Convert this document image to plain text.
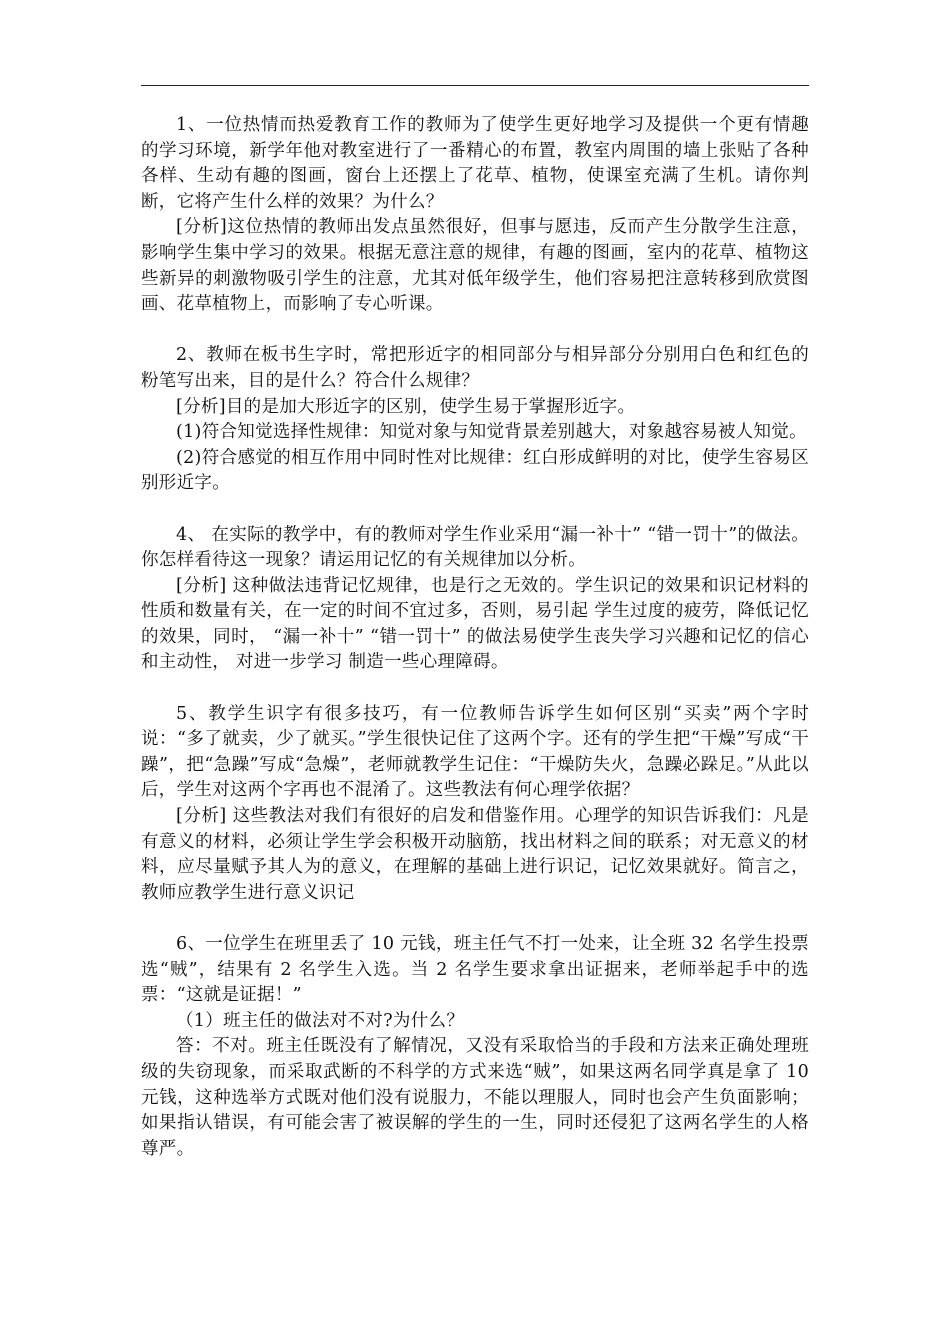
1、一位热情而热爱教育工作的教师为了使学生更好地学习及提供一个更有情趣的学习环境，新学年他对教室进行了一番精心的布置，教室内周围的墙上张贴了各种各样、生动有趣的图画，窗台上还摆上了花草、植物，使课室充满了生机。请你判断，它将产生什么样的效果？为什么？

[分析]这位热情的教师出发点虽然很好，但事与愿违，反而产生分散学生注意，影响学生集中学习的效果。根据无意注意的规律，有趣的图画，室内的花草、植物这些新异的刺激物吸引学生的注意，尤其对低年级学生，他们容易把注意转移到欣赏图画、花草植物上，而影响了专心听课。

2、教师在板书生字时，常把形近字的相同部分与相异部分分别用白色和红色的粉笔写出来，目的是什么？符合什么规律？

[分析]目的是加大形近字的区别，使学生易于掌握形近字。

(1)符合知觉选择性规律：知觉对象与知觉背景差别越大，对象越容易被人知觉。

(2)符合感觉的相互作用中同时性对比规律：红白形成鲜明的对比，使学生容易区别形近字。

4、 在实际的教学中，有的教师对学生作业采用“漏一补十” “错一罚十”的做法。你怎样看待这一现象？请运用记忆的有关规律加以分析。

[分析] 这种做法违背记忆规律，也是行之无效的。学生识记的效果和识记材料的性质和数量有关，在一定的时间不宜过多，否则，易引起 学生过度的疲劳，降低记忆的效果，同时， “漏一补十” “错一罚十” 的做法易使学生丧失学习兴趣和记忆的信心和主动性， 对进一步学习 制造一些心理障碍。

5、教学生识字有很多技巧，有一位教师告诉学生如何区别“买卖”两个字时说：“多了就卖，少了就买。”学生很快记住了这两个字。还有的学生把“干燥”写成“干躁”，把“急躁”写成“急燥”，老师就教学生记住：“干燥防失火，急躁必跺足。”从此以后，学生对这两个字再也不混淆了。这些教法有何心理学依据？

[分析] 这些教法对我们有很好的启发和借鉴作用。心理学的知识告诉我们：凡是有意义的材料，必须让学生学会积极开动脑筋，找出材料之间的联系；对无意义的材料，应尽量赋予其人为的意义，在理解的基础上进行识记，记忆效果就好。简言之，教师应教学生进行意义识记

6、一位学生在班里丢了 10 元钱，班主任气不打一处来，让全班 32 名学生投票选“贼”，结果有 2 名学生入选。当 2 名学生要求拿出证据来，老师举起手中的选票：“这就是证据！”

（1）班主任的做法对不对?为什么？

答：不对。班主任既没有了解情况，又没有采取恰当的手段和方法来正确处理班级的失窃现象，而采取武断的不科学的方式来选“贼”，如果这两名同学真是拿了 10 元钱，这种选举方式既对他们没有说服力，不能以理服人，同时也会产生负面影响；如果指认错误，有可能会害了被误解的学生的一生，同时还侵犯了这两名学生的人格尊严。
